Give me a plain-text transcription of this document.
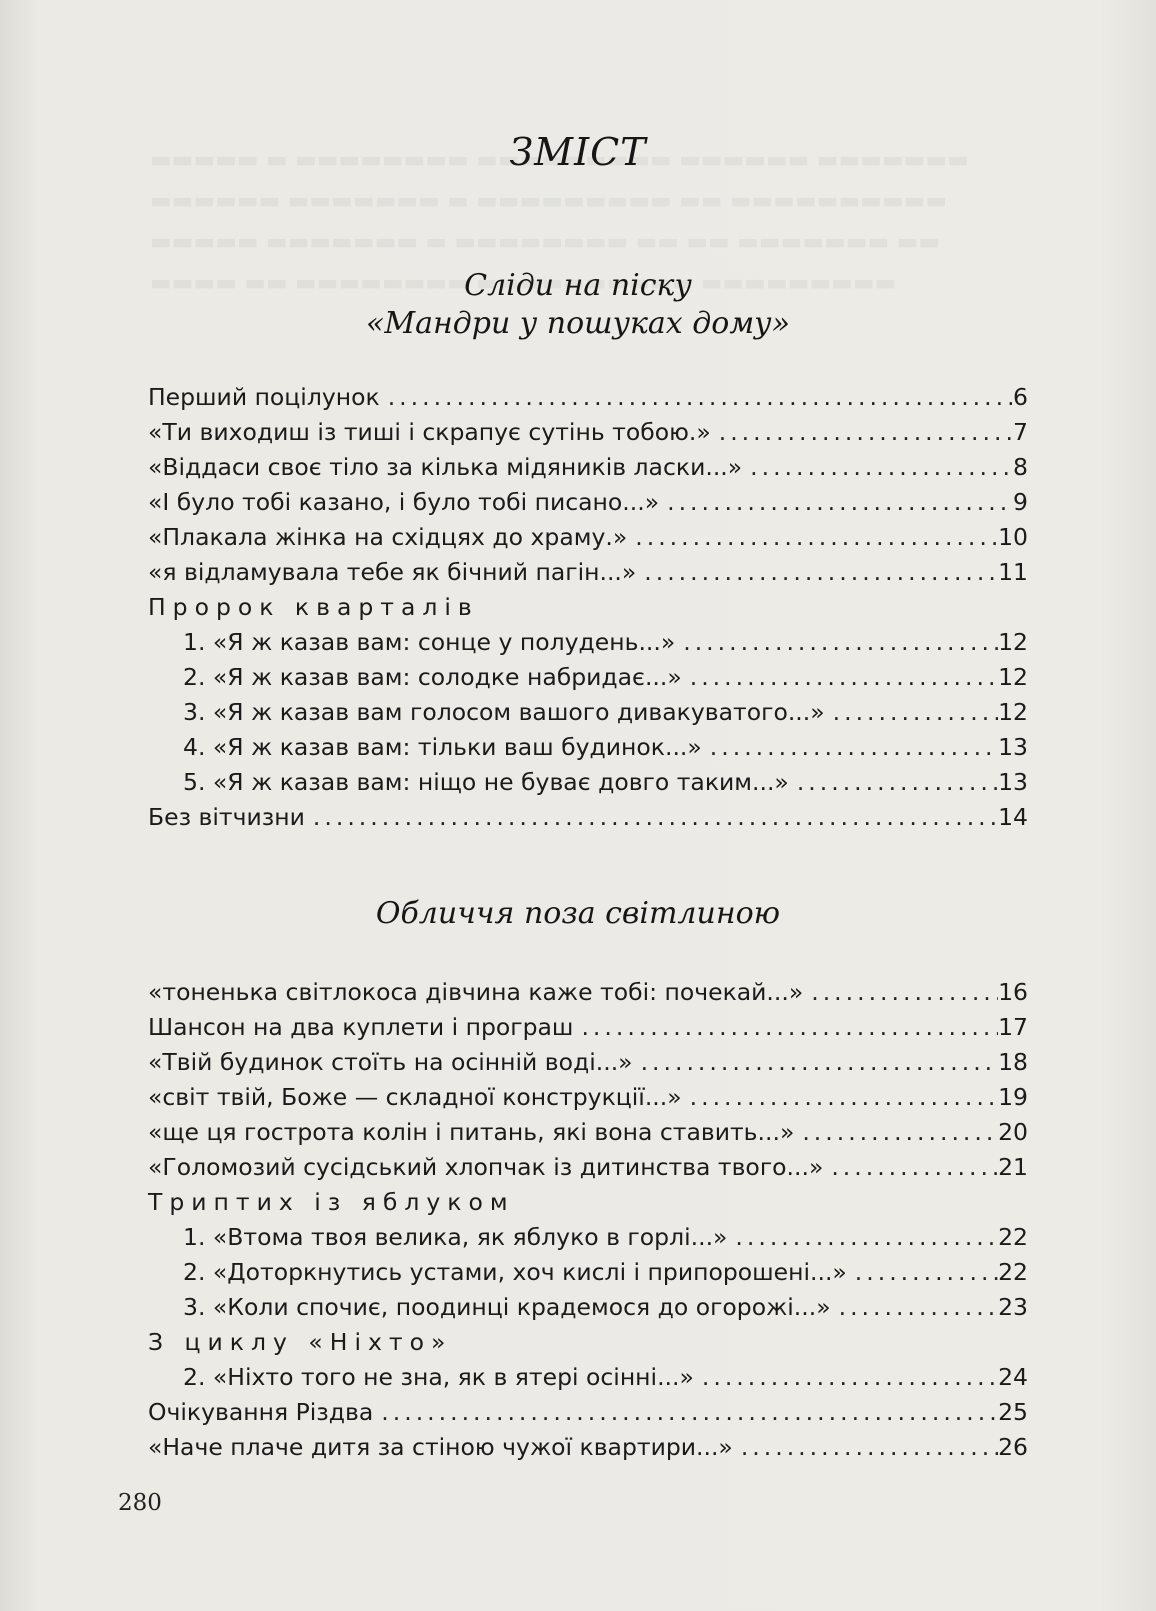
ЗМІСТ
Сліди на піску
«Мандри у пошуках дому»
Перший поцілунок .....	6
«Ти виходиш із тиші і скрапує сутінь тобою.» .....	7
«Віддаси своє тіло за кілька мідяників ласки...» .....	8
«І було тобі казано, і було тобі писано...» .....	9
«Плакала жінка на східцях до храму.» .....	10
«я відламувала тебе як бічний пагін...» .....	11
Пророк кварталів
1. «Я ж казав вам: сонце у полудень...» .....	12
2. «Я ж казав вам: солодке набридає...» .....	12
3. «Я ж казав вам голосом вашого дивакуватого...» .....	12
4. «Я ж казав вам: тільки ваш будинок...» .....	13
5. «Я ж казав вам: ніщо не буває довго таким...» .....	13
Без вітчизни .....	14
Обличчя поза світлиною
«тоненька світлокоса дівчина каже тобі: почекай...» .....	16
Шансон на два куплети і програш .....	17
«Твій будинок стоїть на осінній воді...» .....	18
«світ твій, Боже — складної конструкції...» .....	19
«ще ця гострота колін і питань, які вона ставить...» .....	20
«Голомозий сусідський хлопчак із дитинства твого...» .....	21
Триптих із яблуком
1. «Втома твоя велика, як яблуко в горлі...» .....	22
2. «Доторкнутись устами, хоч кислі і припорошені...» .....	22
3. «Коли спочиє, поодинці крадемося до огорожі...» .....	23
З циклу «Ніхто»
2. «Ніхто того не зна, як в ятері осінні...» .....	24
Очікування Різдва .....	25
«Наче плаче дитя за стіною чужої квартири...» .....	26
280
